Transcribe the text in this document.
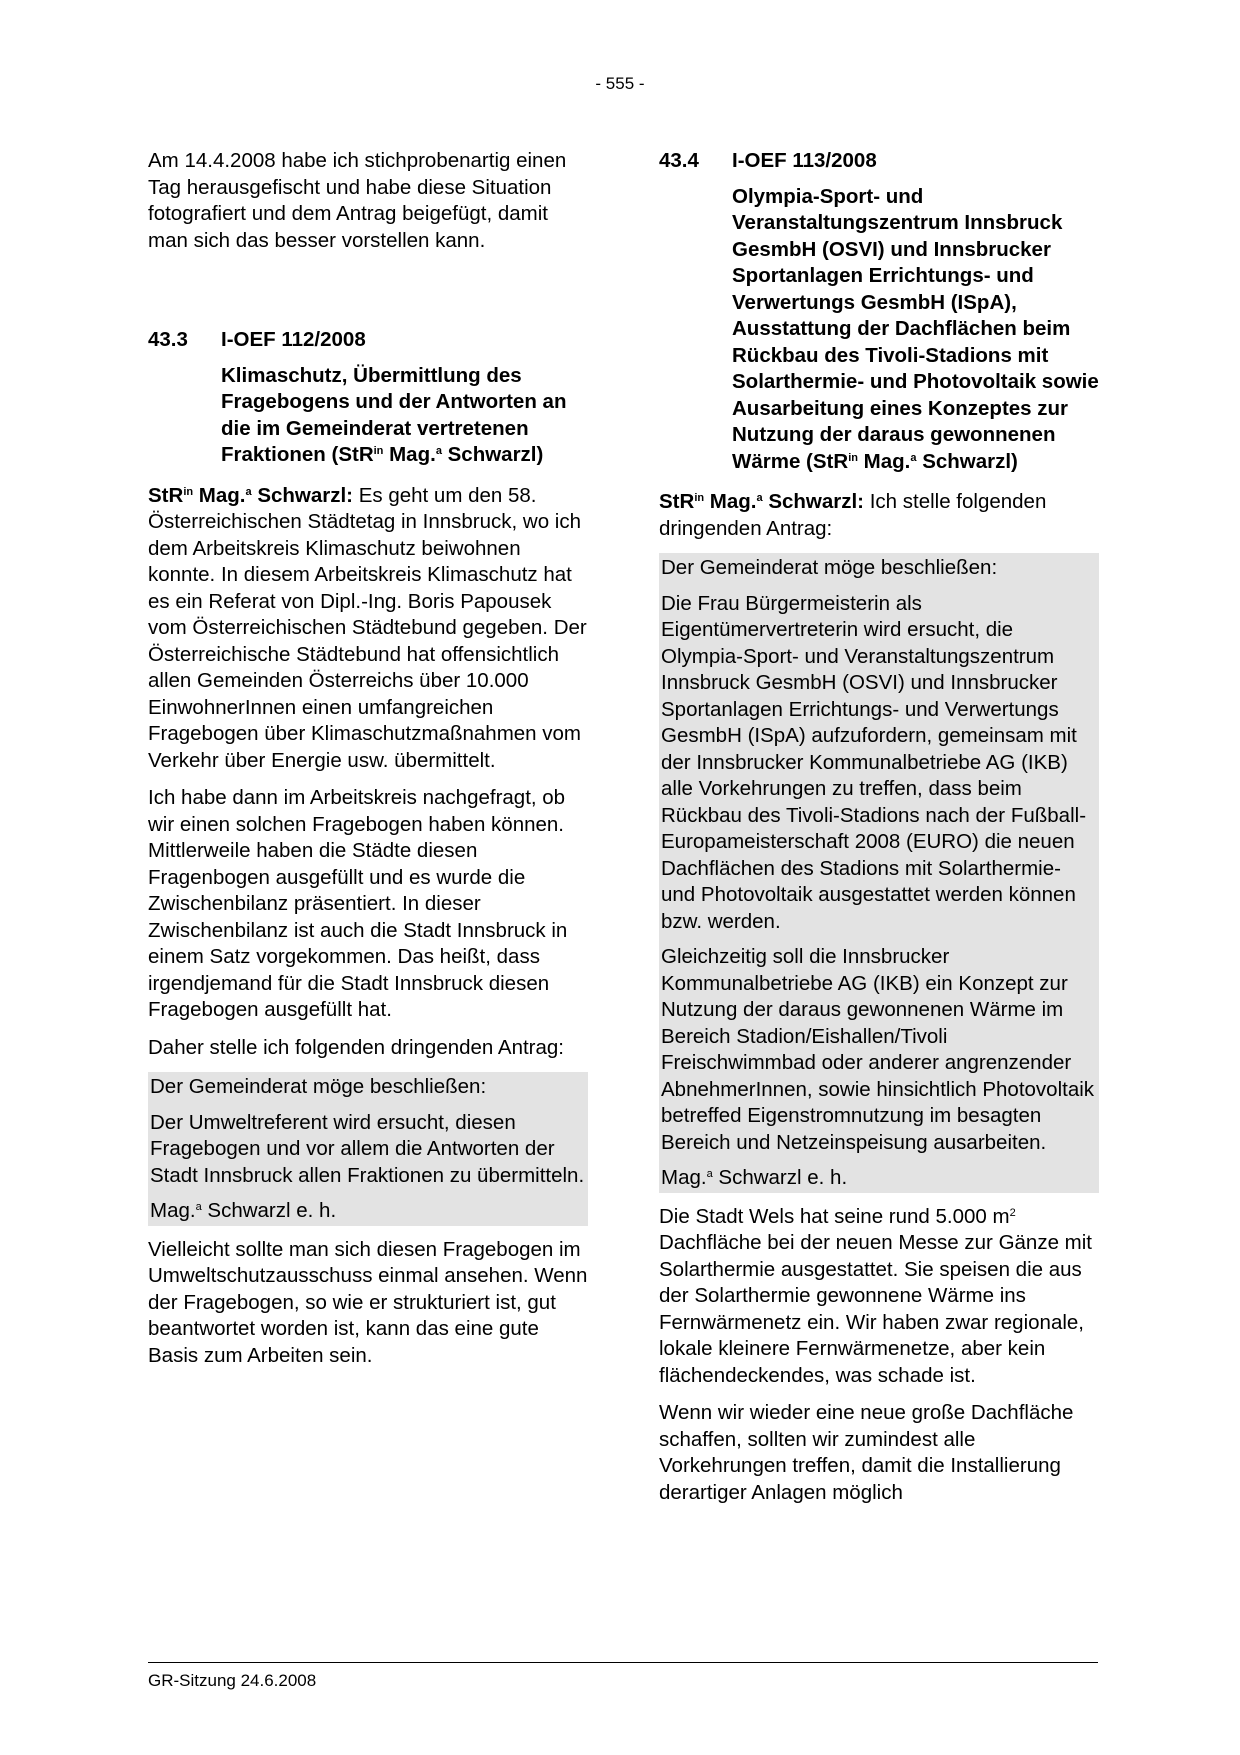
- 555 -

Am 14.4.2008 habe ich stichprobenartig einen Tag herausgefischt und habe diese Situation fotografiert und dem Antrag beigefügt, damit man sich das besser vorstellen kann.

43.3	I-OEF 112/2008
Klimaschutz, Übermittlung des Fragebogens und der Antworten an die im Gemeinderat vertretenen Fraktionen (StR$^{in}$ Mag.$^a$ Schwarzl)

StR$^{in}$ Mag.$^a$ Schwarzl: Es geht um den 58. Österreichischen Städtetag in Innsbruck, wo ich dem Arbeitskreis Klimaschutz beiwohnen konnte. In diesem Arbeitskreis Klimaschutz hat es ein Referat von Dipl.-Ing. Boris Papousek vom Österreichischen Städtebund gegeben. Der Österreichische Städtebund hat offensichtlich allen Gemeinden Österreichs über 10.000 EinwohnerInnen einen umfangreichen Fragebogen über Klimaschutzmaßnahmen vom Verkehr über Energie usw. übermittelt.

Ich habe dann im Arbeitskreis nachgefragt, ob wir einen solchen Fragebogen haben können. Mittlerweile haben die Städte diesen Fragenbogen ausgefüllt und es wurde die Zwischenbilanz präsentiert. In dieser Zwischenbilanz ist auch die Stadt Innsbruck in einem Satz vorgekommen. Das heißt, dass irgendjemand für die Stadt Innsbruck diesen Fragebogen ausgefüllt hat.

Daher stelle ich folgenden dringenden Antrag:

Der Gemeinderat möge beschließen:

Der Umweltreferent wird ersucht, diesen Fragebogen und vor allem die Antworten der Stadt Innsbruck allen Fraktionen zu übermitteln.

Mag.$^a$ Schwarzl e. h.

Vielleicht sollte man sich diesen Fragebogen im Umweltschutzausschuss einmal ansehen. Wenn der Fragebogen, so wie er strukturiert ist, gut beantwortet worden ist, kann das eine gute Basis zum Arbeiten sein.

43.4	I-OEF 113/2008
Olympia-Sport- und Veranstaltungszentrum Innsbruck GesmbH (OSVI) und Innsbrucker Sportanlagen Errichtungs- und Verwertungs GesmbH (ISpA), Ausstattung der Dachflächen beim Rückbau des Tivoli-Stadions mit Solarthermie- und Photovoltaik sowie Ausarbeitung eines Konzeptes zur Nutzung der daraus gewonnenen Wärme (StR$^{in}$ Mag.$^a$ Schwarzl)

StR$^{in}$ Mag.$^a$ Schwarzl: Ich stelle folgenden dringenden Antrag:

Der Gemeinderat möge beschließen:

Die Frau Bürgermeisterin als Eigentümervertreterin wird ersucht, die Olympia-Sport- und Veranstaltungszentrum Innsbruck GesmbH (OSVI) und Innsbrucker Sportanlagen Errichtungs- und Verwertungs GesmbH (ISpA) aufzufordern, gemeinsam mit der Innsbrucker Kommunalbetriebe AG (IKB) alle Vorkehrungen zu treffen, dass beim Rückbau des Tivoli-Stadions nach der Fußball-Europameisterschaft 2008 (EURO) die neuen Dachflächen des Stadions mit Solarthermie- und Photovoltaik ausgestattet werden können bzw. werden.

Gleichzeitig soll die Innsbrucker Kommunalbetriebe AG (IKB) ein Konzept zur Nutzung der daraus gewonnenen Wärme im Bereich Stadion/Eishallen/Tivoli Freischwimmbad oder anderer angrenzender AbnehmerInnen, sowie hinsichtlich Photovoltaik betreffed Eigenstromnutzung im besagten Bereich und Netzeinspeisung ausarbeiten.

Mag.$^a$ Schwarzl e. h.

Die Stadt Wels hat seine rund 5.000 $m^2$ Dachfläche bei der neuen Messe zur Gänze mit Solarthermie ausgestattet. Sie speisen die aus der Solarthermie gewonnene Wärme ins Fernwärmenetz ein. Wir haben zwar regionale, lokale kleinere Fernwärmenetze, aber kein flächendeckendes, was schade ist.

Wenn wir wieder eine neue große Dachfläche schaffen, sollten wir zumindest alle Vorkehrungen treffen, damit die Installierung derartiger Anlagen möglich

GR-Sitzung 24.6.2008
